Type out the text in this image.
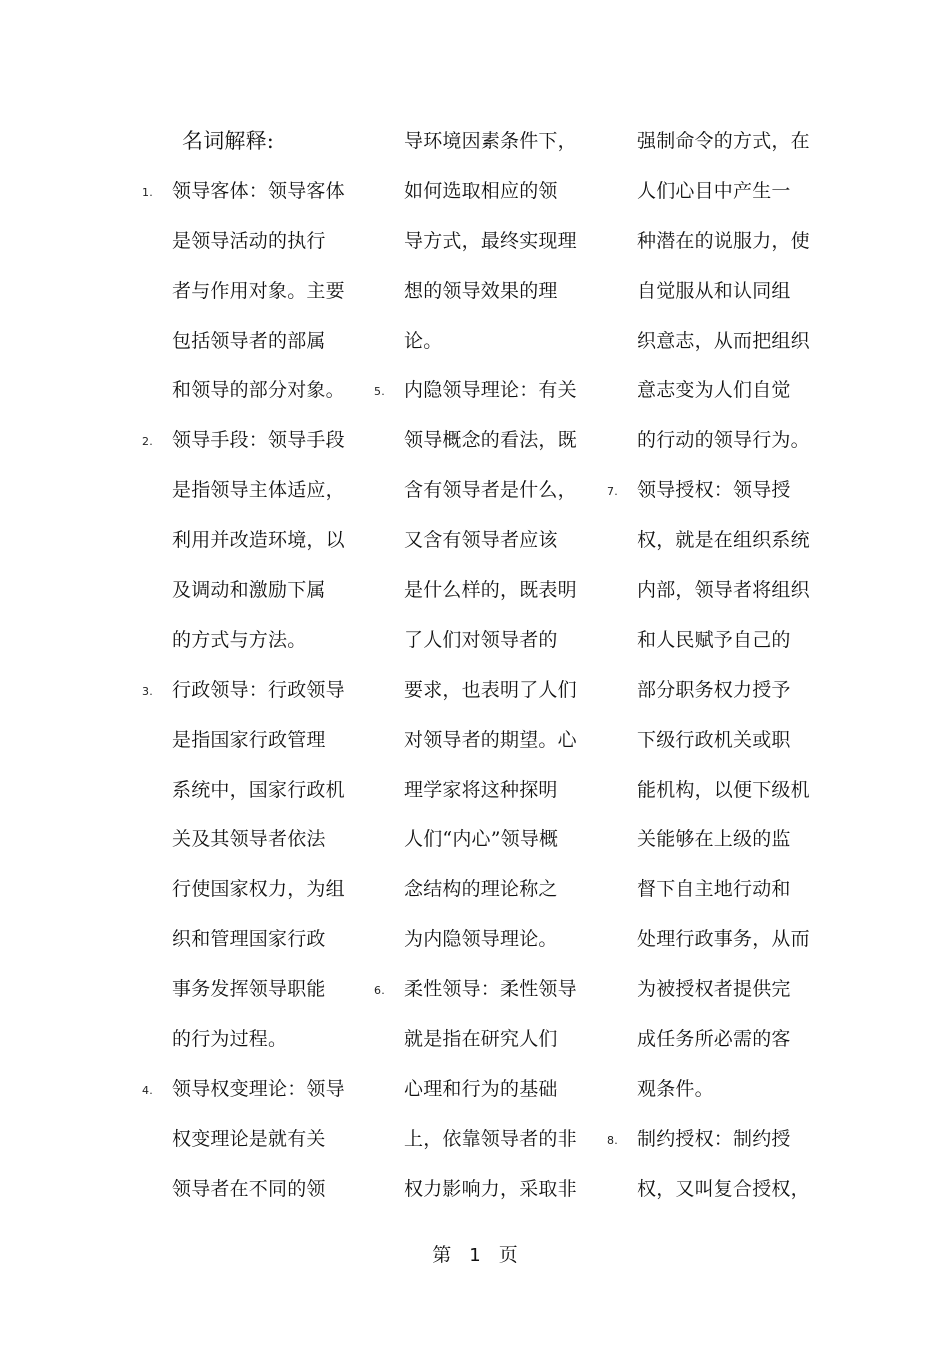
名词解释:
1. 领导客体：领导客体
是领导活动的执行
者与作用对象。主要
包括领导者的部属
和领导的部分对象。
2. 领导手段：领导手段
是指领导主体适应，
利用并改造环境，以
及调动和激励下属
的方式与方法。
3. 行政领导：行政领导
是指国家行政管理
系统中，国家行政机
关及其领导者依法
行使国家权力，为组
织和管理国家行政
事务发挥领导职能
的行为过程。
4. 领导权变理论：领导
权变理论是就有关
领导者在不同的领
导环境因素条件下，
如何选取相应的领
导方式，最终实现理
想的领导效果的理
论。
5. 内隐领导理论：有关
领导概念的看法，既
含有领导者是什么，
又含有领导者应该
是什么样的，既表明
了人们对领导者的
要求，也表明了人们
对领导者的期望。心
理学家将这种探明
人们“内心”领导概
念结构的理论称之
为内隐领导理论。
6. 柔性领导：柔性领导
就是指在研究人们
心理和行为的基础
上，依靠领导者的非
权力影响力，采取非
强制命令的方式，在
人们心目中产生一
种潜在的说服力，使
自觉服从和认同组
织意志，从而把组织
意志变为人们自觉
的行动的领导行为。
7. 领导授权：领导授
权，就是在组织系统
内部，领导者将组织
和人民赋予自己的
部分职务权力授予
下级行政机关或职
能机构，以便下级机
关能够在上级的监
督下自主地行动和
处理行政事务，从而
为被授权者提供完
成任务所必需的客
观条件。
8. 制约授权：制约授
权，又叫复合授权，
第 1 页
